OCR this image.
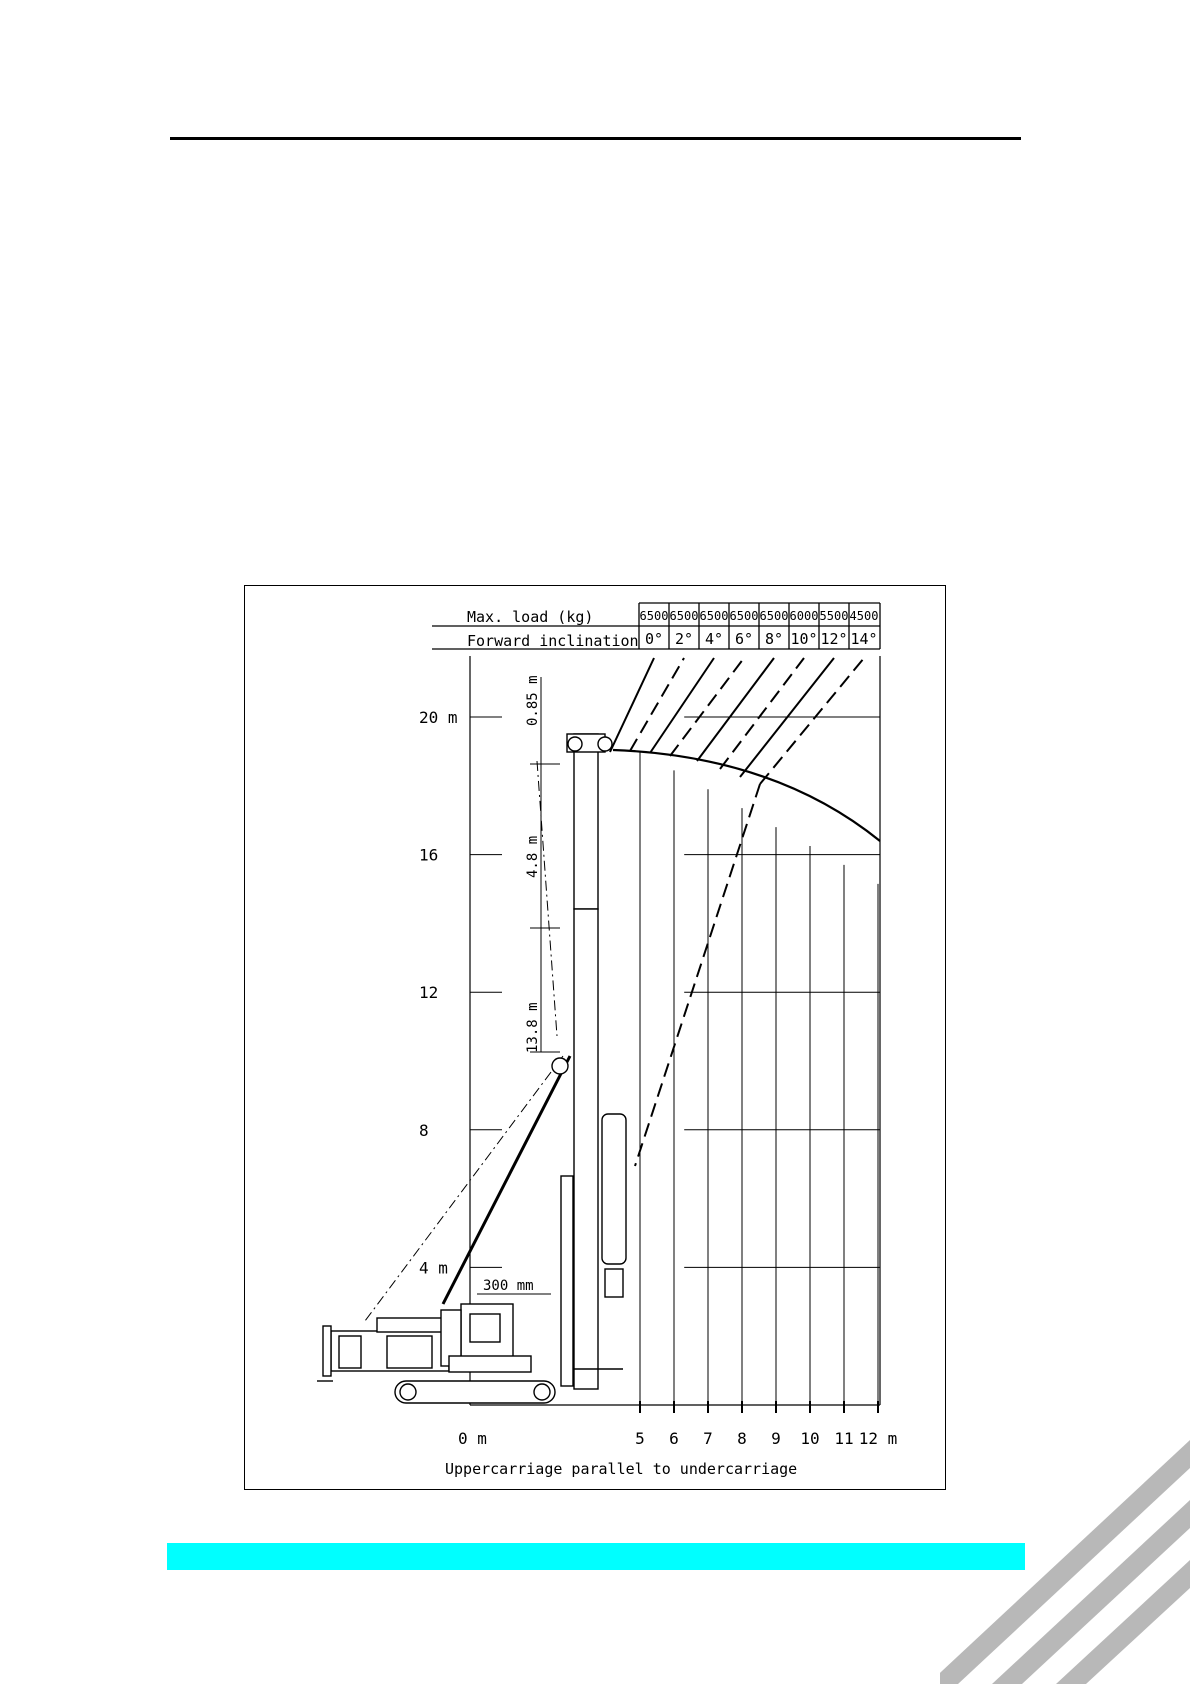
Max. load (kg)
Forward inclination
6500 6500 6500 6500 6500 6000 5500 4500
0° 2° 4° 6° 8° 10° 12° 14°
4 m
8
12
16
20 m
0 m	5 6 7 8 9 10 11 12 m
0.85 m
4.8 m
13.8 m
300 mm
Uppercarriage parallel to undercarriage
